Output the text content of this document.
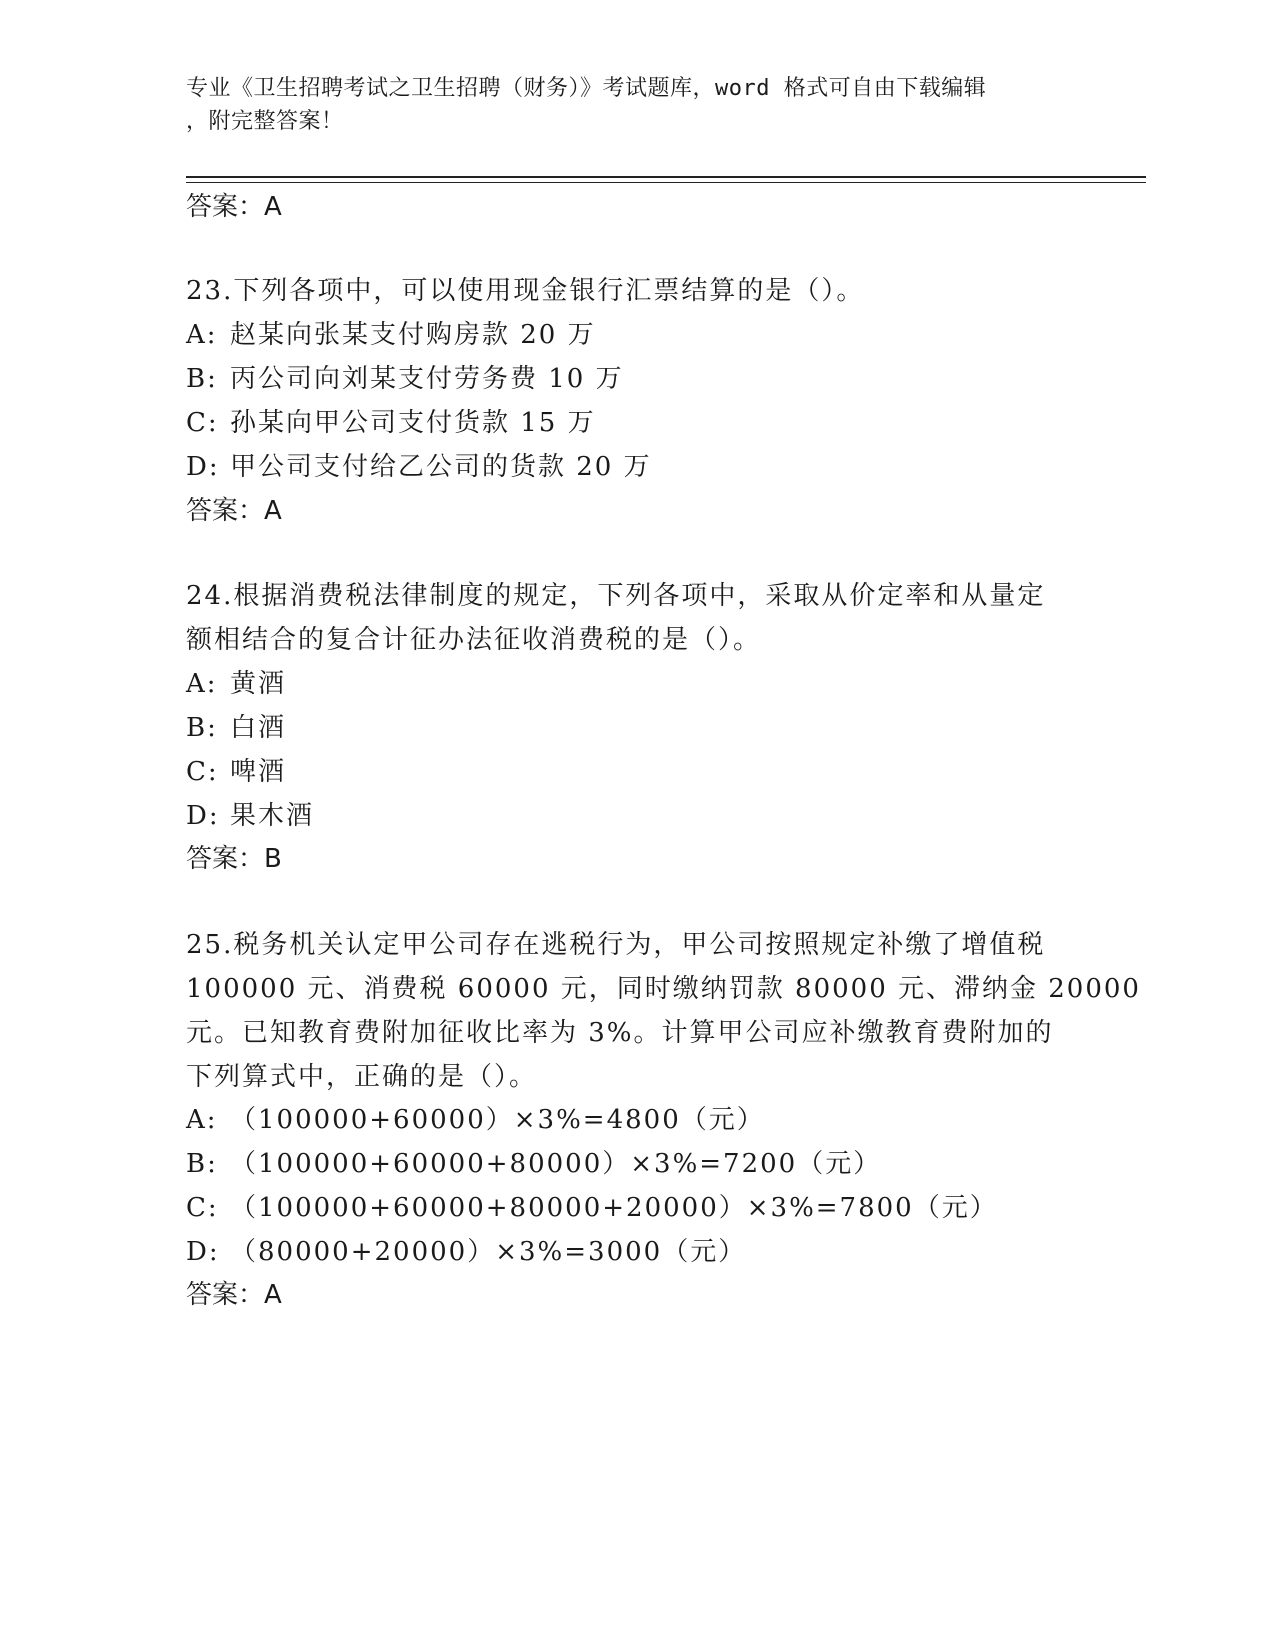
专业《卫生招聘考试之卫生招聘（财务）》考试题库，word 格式可自由下载编辑
，附完整答案！
答案：A
23.下列各项中，可以使用现金银行汇票结算的是（）。
A: 赵某向张某支付购房款 20 万
B: 丙公司向刘某支付劳务费 10 万
C: 孙某向甲公司支付货款 15 万
D: 甲公司支付给乙公司的货款 20 万
答案：A
24.根据消费税法律制度的规定，下列各项中，采取从价定率和从量定
额相结合的复合计征办法征收消费税的是（）。
A: 黄酒
B: 白酒
C: 啤酒
D: 果木酒
答案：B
25.税务机关认定甲公司存在逃税行为，甲公司按照规定补缴了增值税
100000 元、消费税 60000 元，同时缴纳罚款 80000 元、滞纳金 20000
元。已知教育费附加征收比率为 3%。计算甲公司应补缴教育费附加的
下列算式中，正确的是（）。
A: （100000+60000）×3%=4800（元）
B: （100000+60000+80000）×3%=7200（元）
C: （100000+60000+80000+20000）×3%=7800（元）
D: （80000+20000）×3%=3000（元）
答案：A
